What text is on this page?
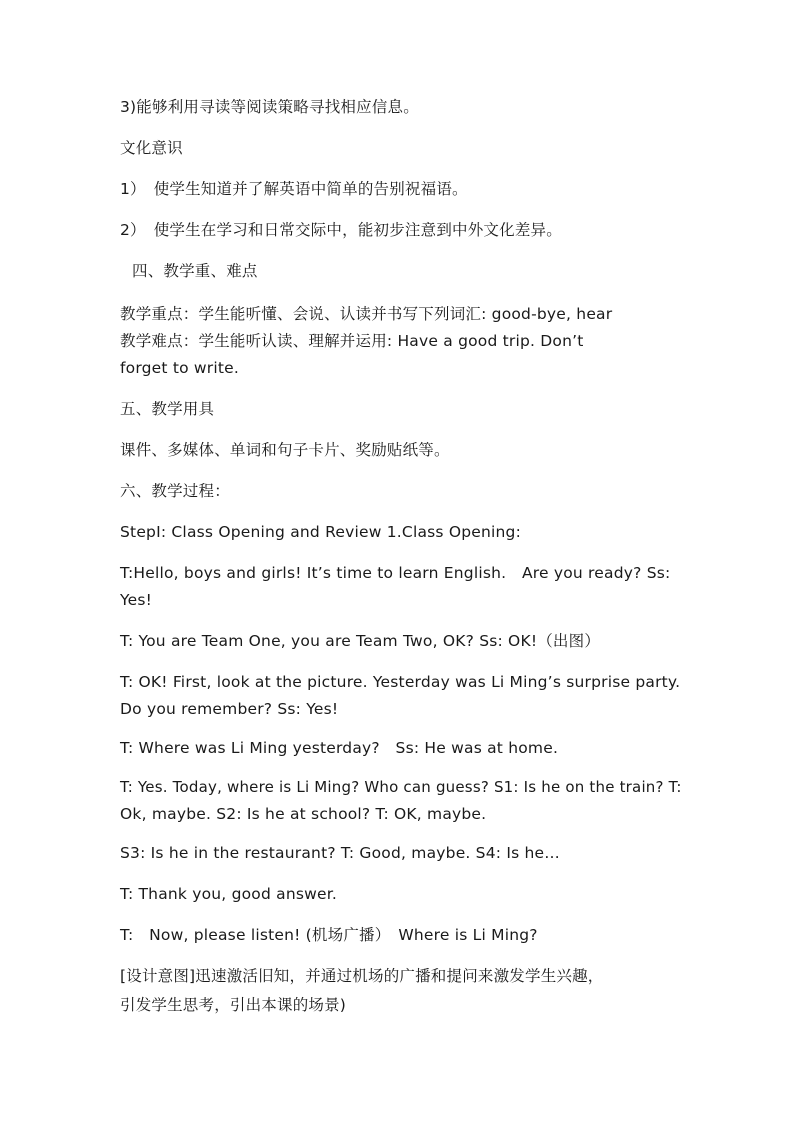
3)能够利用寻读等阅读策略寻找相应信息。
文化意识
1）　使学生知道并了解英语中简单的告别祝福语。
2）　使学生在学习和日常交际中，能初步注意到中外文化差异。
四、教学重、难点
教学重点：学生能听懂、会说、认读并书写下列词汇: good-bye, hear
教学难点：学生能听认读、理解并运用: Have a good trip. Don’t
forget to write.
五、教学用具
课件、多媒体、单词和句子卡片、奖励贴纸等。
六、教学过程：
StepI: Class Opening and Review 1.Class Opening:
T:Hello, boys and girls! It’s time to learn English.　Are you ready? Ss:
Yes!
T: You are Team One, you are Team Two, OK? Ss: OK!（出图）
T: OK! First, look at the picture. Yesterday was Li Ming’s surprise party.
Do you remember? Ss: Yes!
T: Where was Li Ming yesterday?　Ss: He was at home.
T: Yes. Today, where is Li Ming? Who can guess? S1: Is he on the train? T:
Ok, maybe. S2: Is he at school? T: OK, maybe.
S3: Is he in the restaurant? T: Good, maybe. S4: Is he…
T: Thank you, good answer.
T:　Now, please listen! (机场广播）　Where is Li Ming?
[设计意图]迅速激活旧知，并通过机场的广播和提问来激发学生兴趣，
引发学生思考，引出本课的场景)
